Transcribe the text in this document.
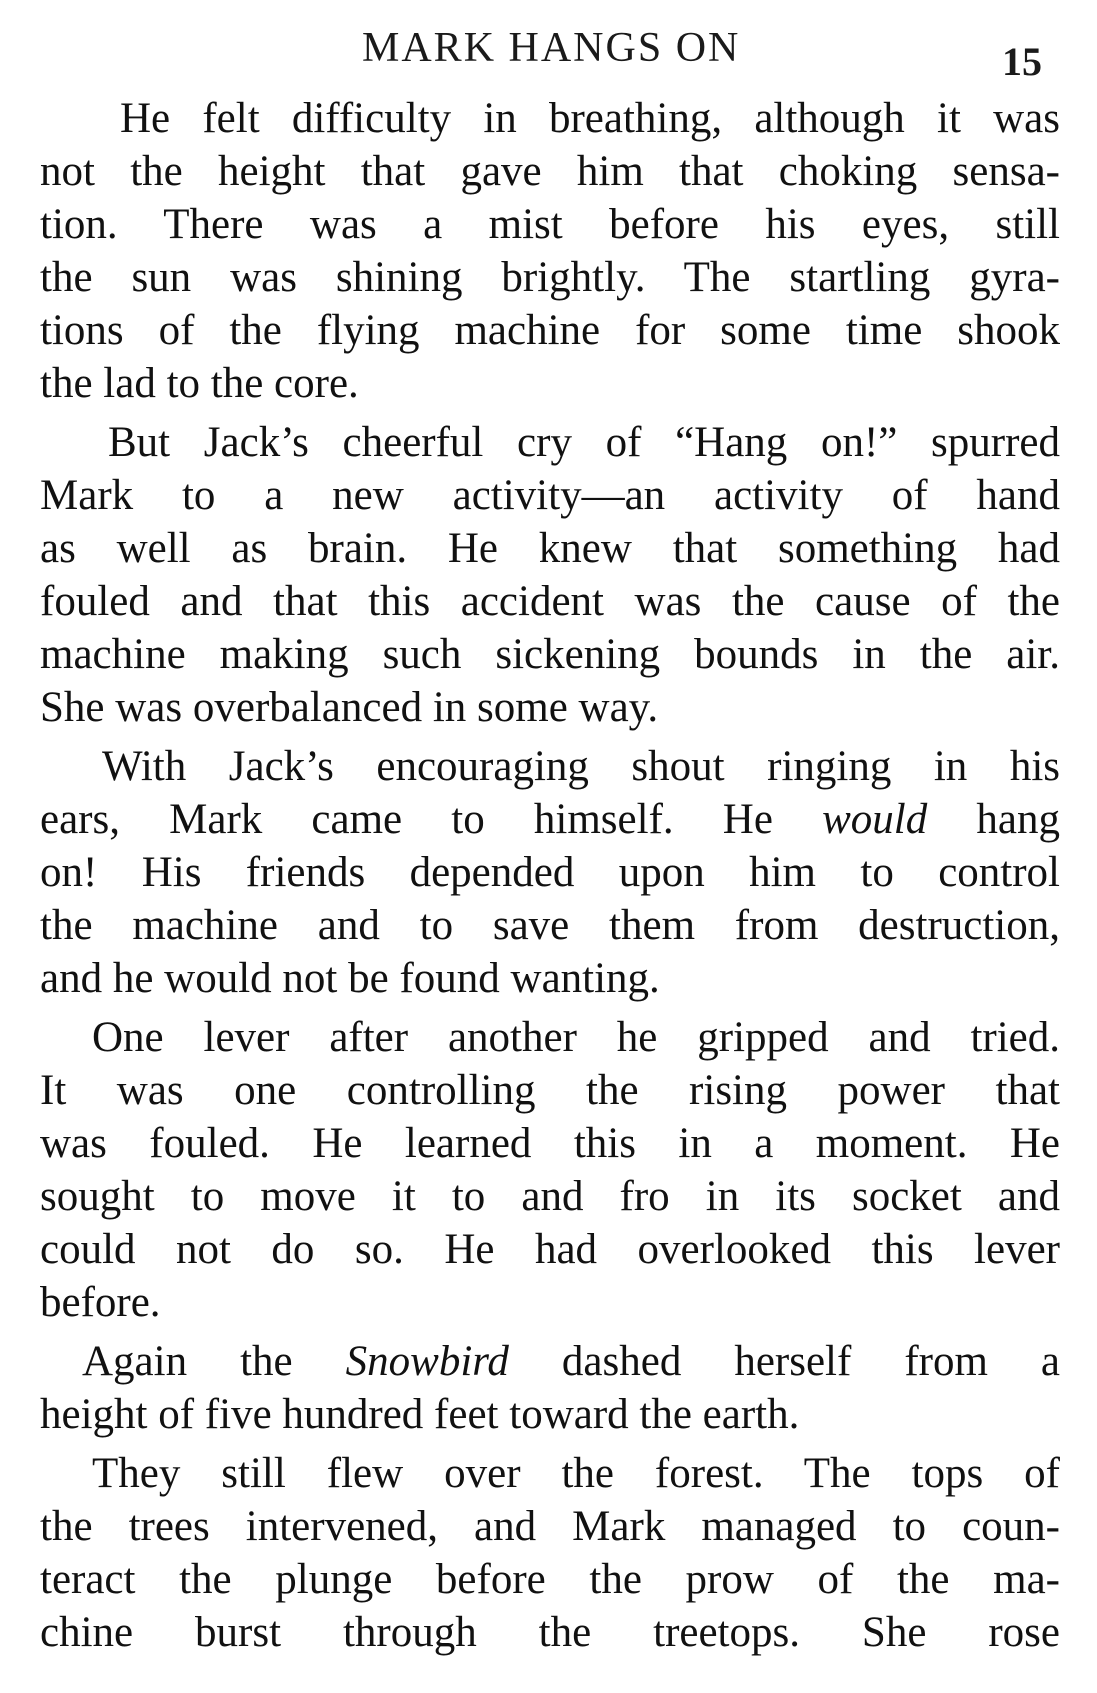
MARK HANGS ON	15
He felt difficulty in breathing, although it was
not the height that gave him that choking sensa-
tion. There was a mist before his eyes, still
the sun was shining brightly. The startling gyra-
tions of the flying machine for some time shook
the lad to the core.
But Jack’s cheerful cry of “Hang on!” spurred
Mark to a new activity—an activity of hand
as well as brain. He knew that something had
fouled and that this accident was the cause of the
machine making such sickening bounds in the air.
She was overbalanced in some way.
With Jack’s encouraging shout ringing in his
ears, Mark came to himself. He would hang
on! His friends depended upon him to control
the machine and to save them from destruction,
and he would not be found wanting.
One lever after another he gripped and tried.
It was one controlling the rising power that
was fouled. He learned this in a moment. He
sought to move it to and fro in its socket and
could not do so. He had overlooked this lever
before.
Again the Snowbird dashed herself from a
height of five hundred feet toward the earth.
They still flew over the forest. The tops of
the trees intervened, and Mark managed to coun-
teract the plunge before the prow of the ma-
chine burst through the treetops. She rose
